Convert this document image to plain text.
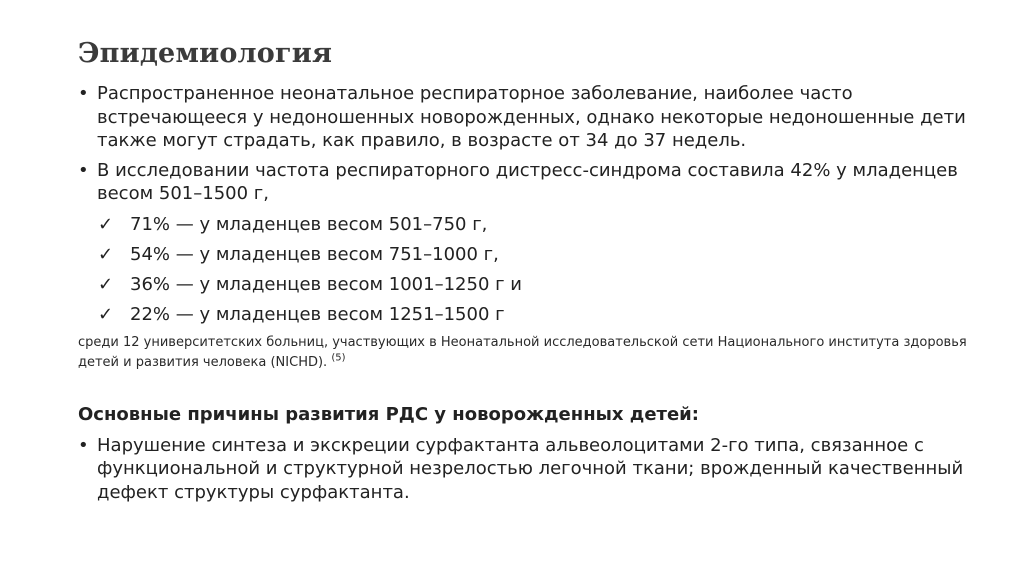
Эпидемиология
• Распространенное неонатальное респираторное заболевание, наиболее часто встречающееся у недоношенных новорожденных, однако некоторые недоношенные дети также могут страдать, как правило, в возрасте от 34 до 37 недель.
• В исследовании частота респираторного дистресс-синдрома составила 42% у младенцев весом 501–1500 г,
✓ 71% — у младенцев весом 501–750 г,
✓ 54% — у младенцев весом 751–1000 г,
✓ 36% — у младенцев весом 1001–1250 г и
✓ 22% — у младенцев весом 1251–1500 г
среди 12 университетских больниц, участвующих в Неонатальной исследовательской сети Национального института здоровья детей и развития человека (NICHD). $^{(5)}$
Основные причины развития РДС у новорожденных детей:
• Нарушение синтеза и экскреции сурфактанта альвеолоцитами 2-го типа, связанное с функциональной и структурной незрелостью легочной ткани; врожденный качественный дефект структуры сурфактанта.
